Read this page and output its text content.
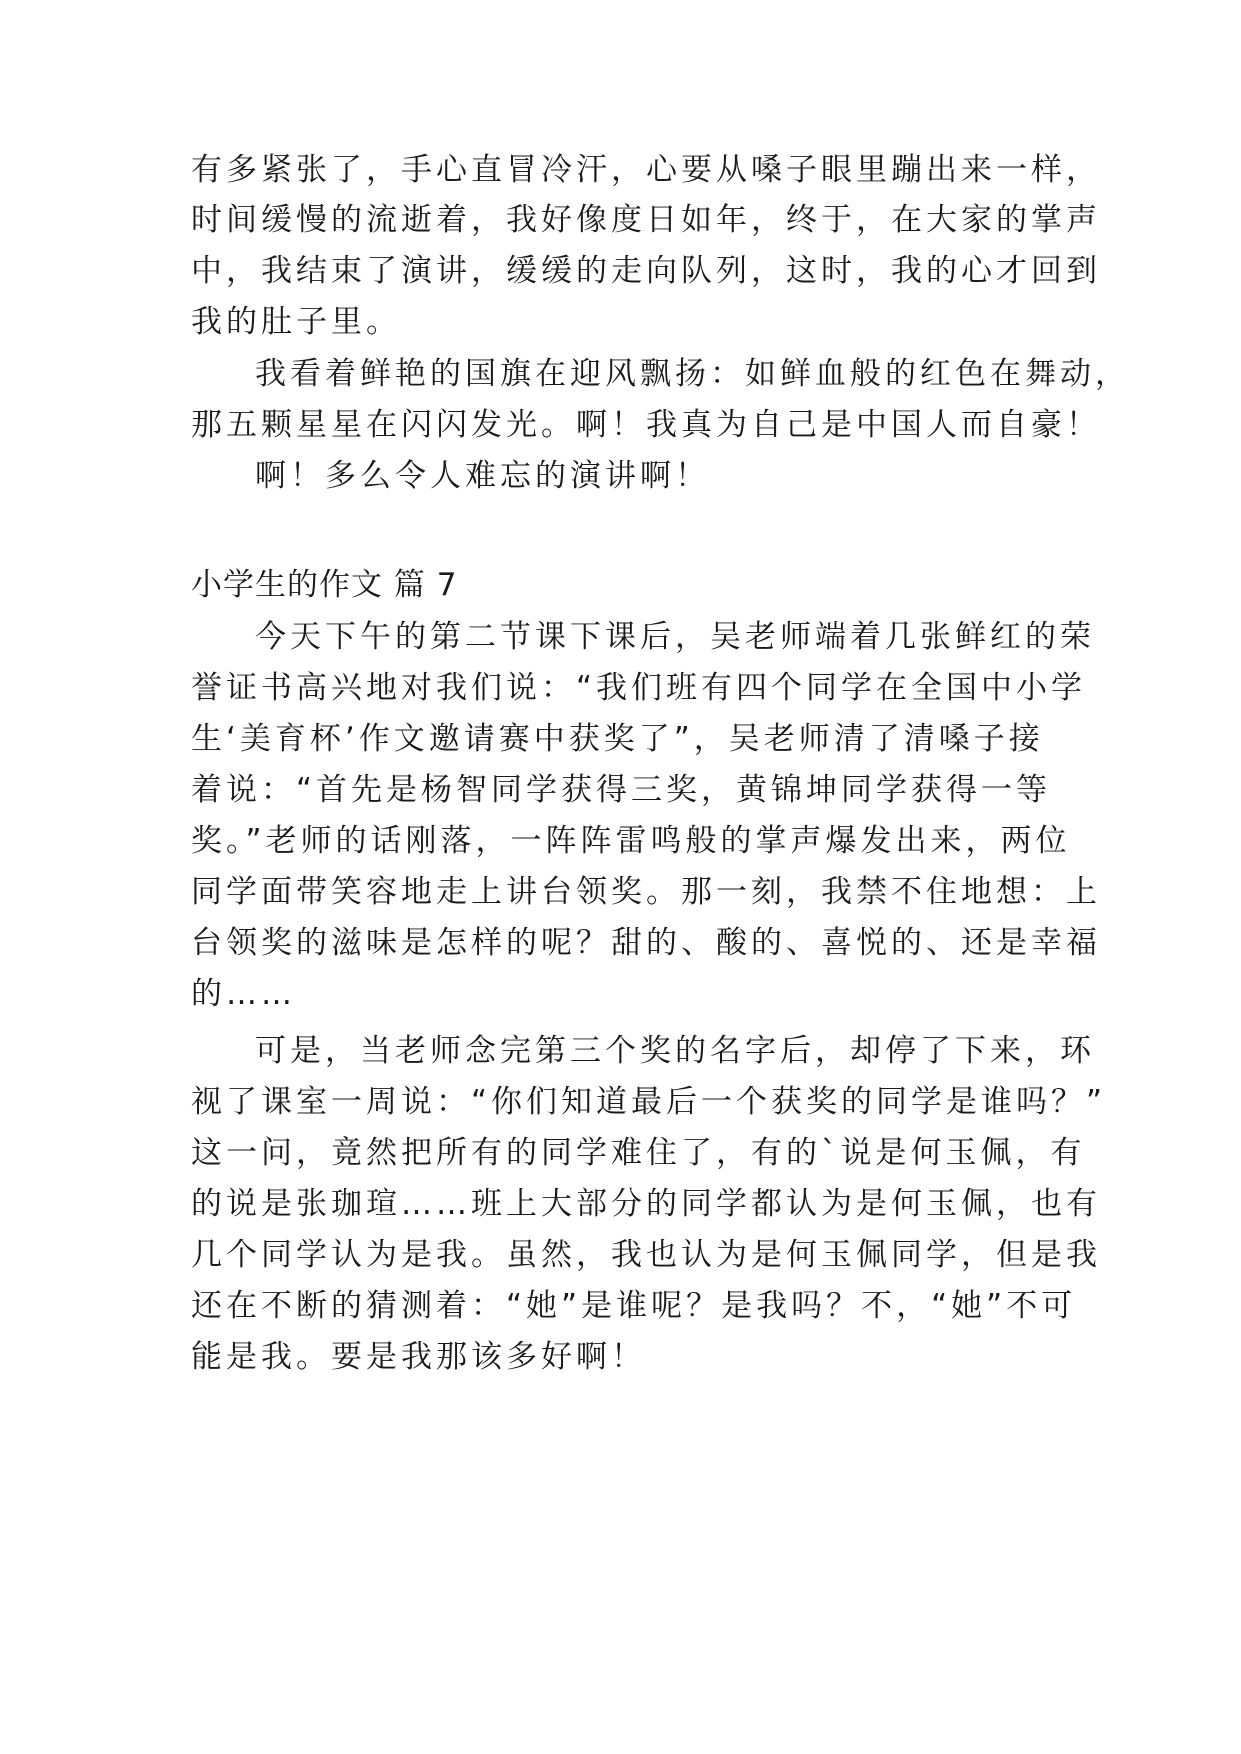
有多紧张了，手心直冒冷汗，心要从嗓子眼里蹦出来一样，
时间缓慢的流逝着，我好像度日如年，终于，在大家的掌声
中，我结束了演讲，缓缓的走向队列，这时，我的心才回到
我的肚子里。
我看着鲜艳的国旗在迎风飘扬：如鲜血般的红色在舞动，
那五颗星星在闪闪发光。啊！我真为自己是中国人而自豪！
啊！多么令人难忘的演讲啊！
小学生的作文 篇 7
今天下午的第二节课下课后，吴老师端着几张鲜红的荣
誉证书高兴地对我们说：“我们班有四个同学在全国中小学
生‘美育杯’作文邀请赛中获奖了”，吴老师清了清嗓子接
着说：“首先是杨智同学获得三奖，黄锦坤同学获得一等
奖。”老师的话刚落，一阵阵雷鸣般的掌声爆发出来，两位
同学面带笑容地走上讲台领奖。那一刻，我禁不住地想：上
台领奖的滋味是怎样的呢？甜的、酸的、喜悦的、还是幸福
的……
可是，当老师念完第三个奖的名字后，却停了下来，环
视了课室一周说：“你们知道最后一个获奖的同学是谁吗？”
这一问，竟然把所有的同学难住了，有的`说是何玉佩，有
的说是张珈瑄……班上大部分的同学都认为是何玉佩，也有
几个同学认为是我。虽然，我也认为是何玉佩同学，但是我
还在不断的猜测着：“她”是谁呢？是我吗？不，“她”不可
能是我。要是我那该多好啊！
